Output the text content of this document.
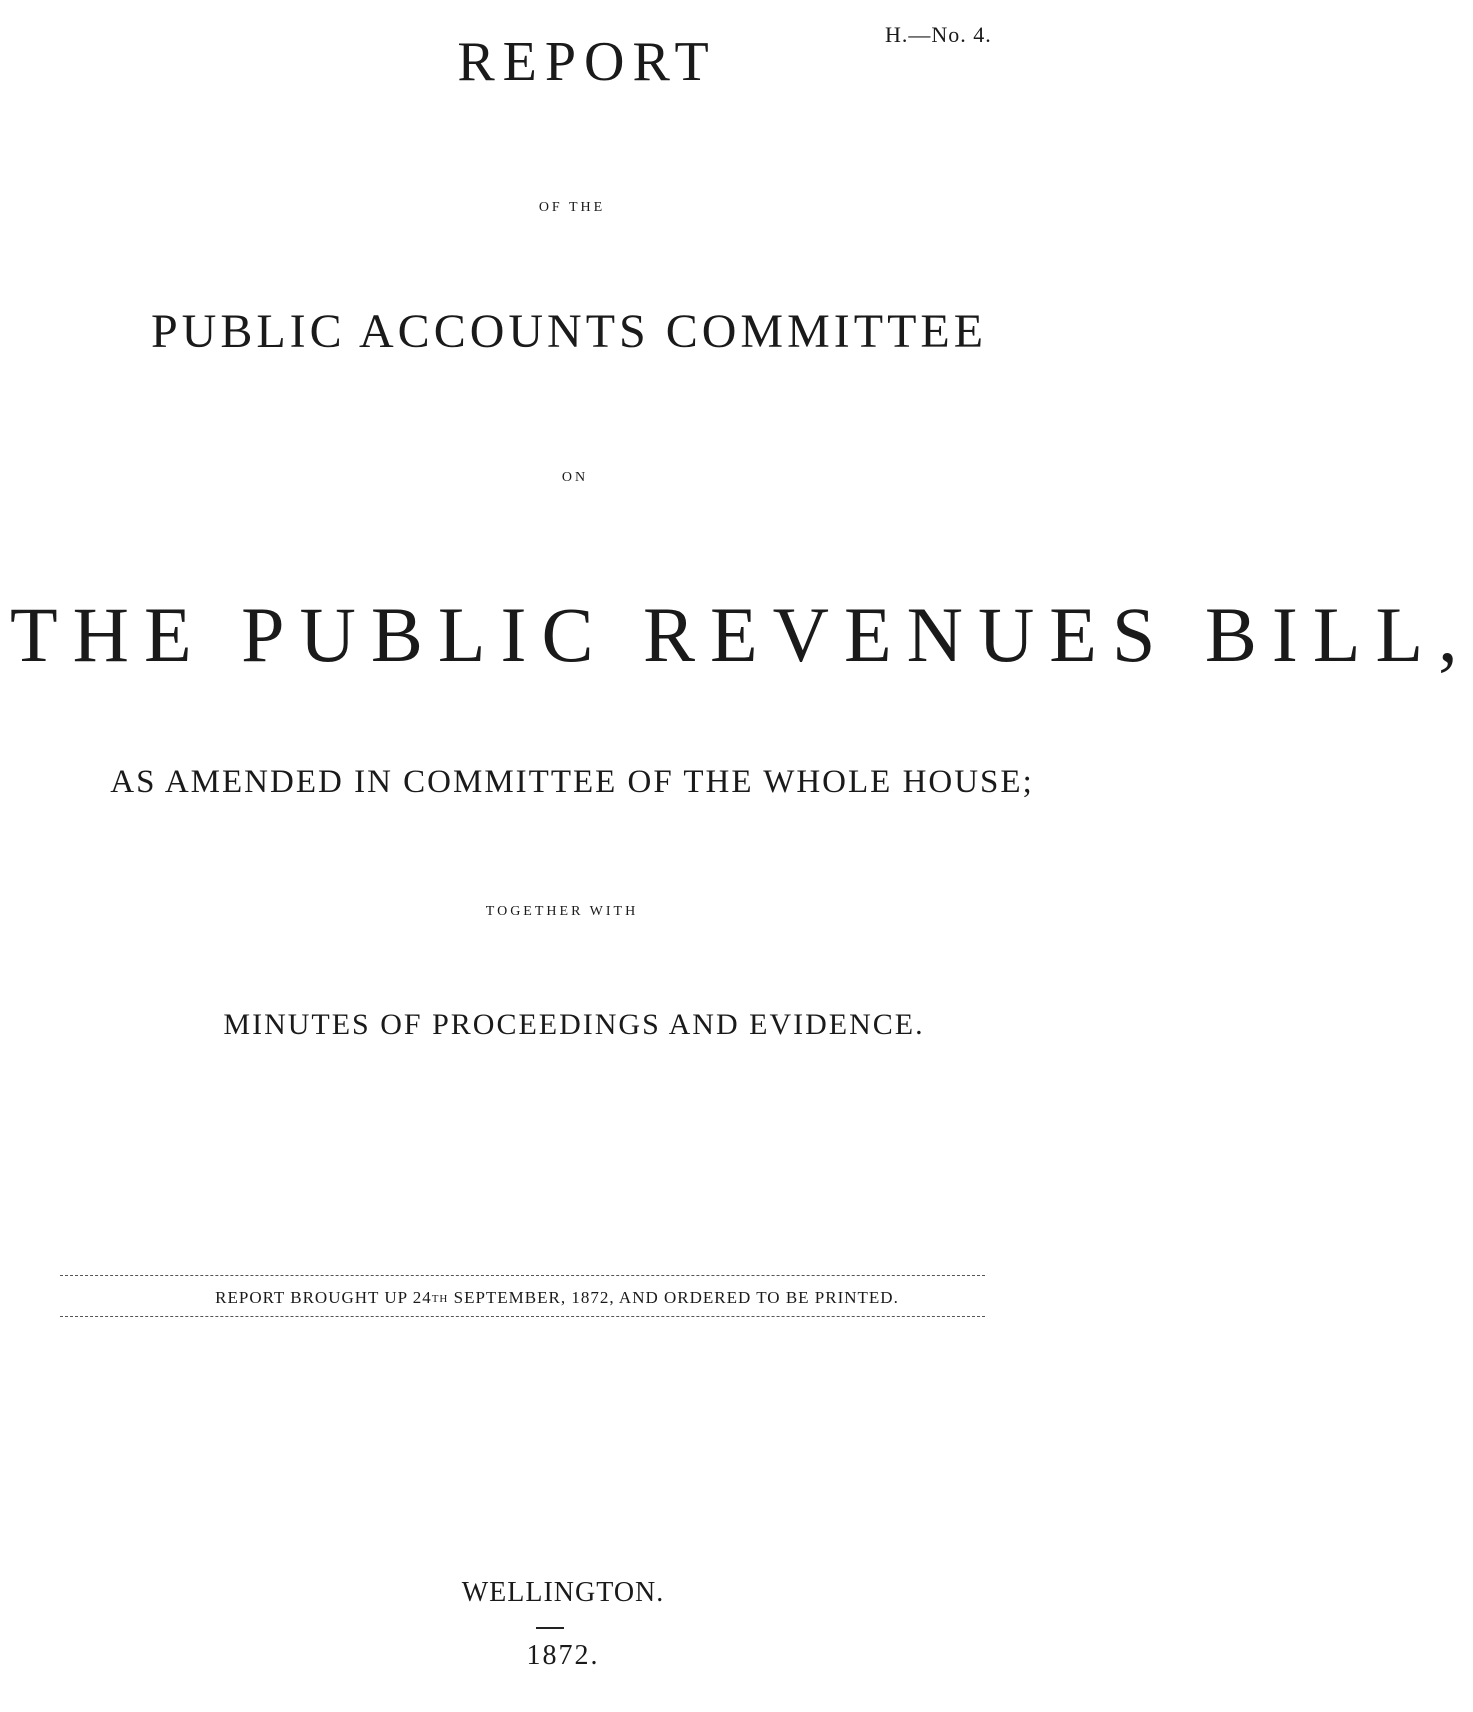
H.—No. 4.
REPORT
OF THE
PUBLIC ACCOUNTS COMMITTEE
ON
THE PUBLIC REVENUES BILL,
AS AMENDED IN COMMITTEE OF THE WHOLE HOUSE;
TOGETHER WITH
MINUTES OF PROCEEDINGS AND EVIDENCE.
REPORT BROUGHT UP 24TH SEPTEMBER, 1872, AND ORDERED TO BE PRINTED.
WELLINGTON.
1872.
